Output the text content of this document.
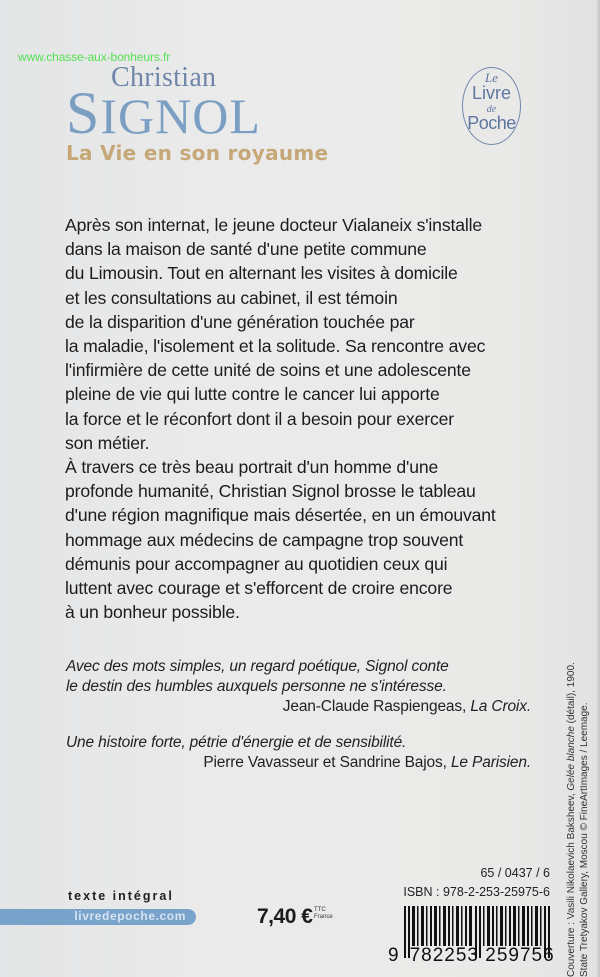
www.chasse-aux-bonheurs.fr
Christian
SIGNOL
La Vie en son royaume
Le
Livre
de
Poche
Après son internat, le jeune docteur Vialaneix s'installe
dans la maison de santé d'une petite commune
du Limousin. Tout en alternant les visites à domicile
et les consultations au cabinet, il est témoin
de la disparition d'une génération touchée par
la maladie, l'isolement et la solitude. Sa rencontre avec
l'infirmière de cette unité de soins et une adolescente
pleine de vie qui lutte contre le cancer lui apporte
la force et le réconfort dont il a besoin pour exercer
son métier.
À travers ce très beau portrait d'un homme d'une
profonde humanité, Christian Signol brosse le tableau
d'une région magnifique mais désertée, en un émouvant
hommage aux médecins de campagne trop souvent
démunis pour accompagner au quotidien ceux qui
luttent avec courage et s'efforcent de croire encore
à un bonheur possible.
Avec des mots simples, un regard poétique, Signol conte
le destin des humbles auxquels personne ne s'intéresse.
Jean-Claude Raspiengeas, La Croix.
Une histoire forte, pétrie d'énergie et de sensibilité.
Pierre Vavasseur et Sandrine Bajos, Le Parisien.
texte intégral
livredepoche.com	7,40 € TTC
France
65 / 0437 / 6
ISBN : 978-2-253-25975-6
9 782253 259756 Couverture : Vasili Nikolaevich Baksheev, Gelée blanche (détail), 1900.
State Tretyakov Gallery, Moscou © FineArtImages / Leemage.
